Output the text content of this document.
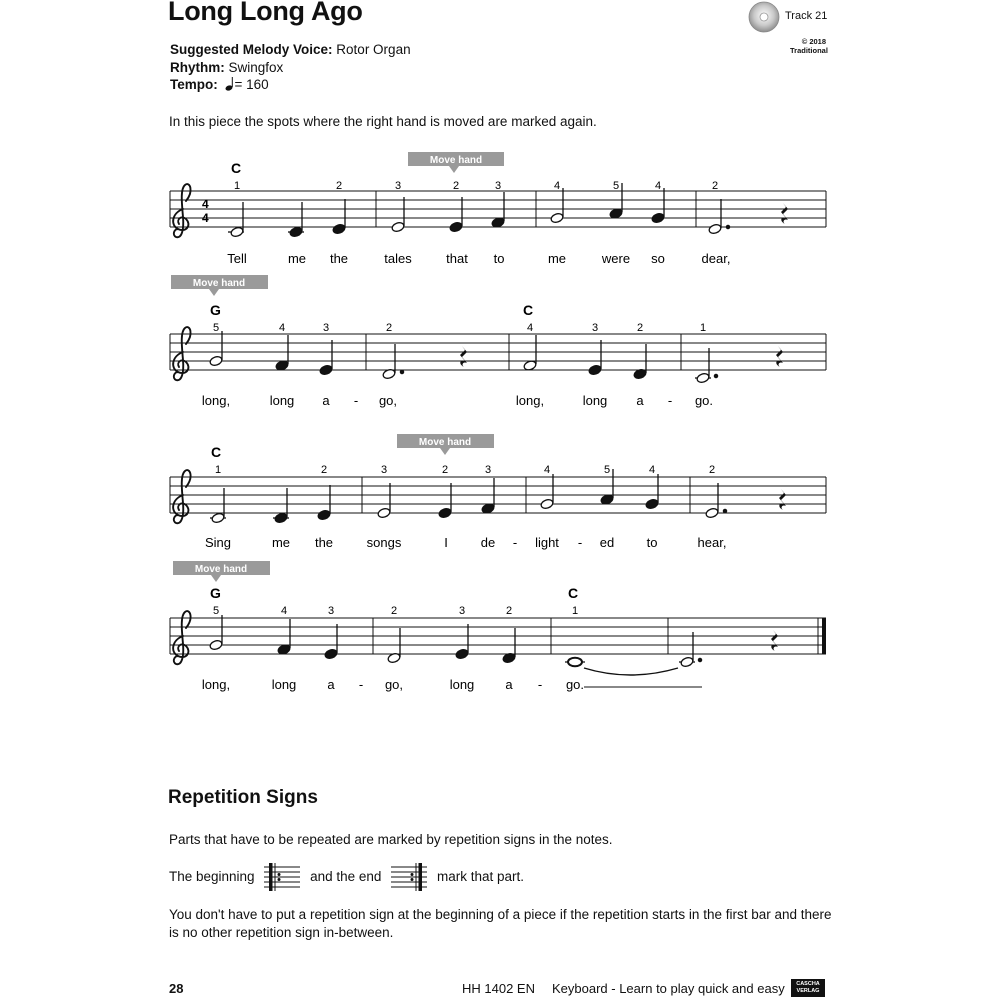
Long Long Ago
Suggested Melody Voice: Rotor Organ
Rhythm: Swingfox
Tempo: = 160
Track 21
© 2018
Traditional
In this piece the spots where the right hand is moved are marked again.
4
4
Move hand
C
1	2	3	2	3	4	5	4	2
Tell	me the	tales	that to	me	were so	dear,
Move hand
G	C
5	4	3	2	4	3	2	1
long,	long a - go,	long,	long a - go.
Move hand
C
1	2	3	2	3	4	5	4	2
Sing	me the	songs	I	de - light - ed to	hear,
Move hand
G	C
5	4	3	2	3	2	1
long,	long a - go,	long a - go.
Repetition Signs
Parts that have to be repeated are marked by repetition signs in the notes.
The beginning	and the end	mark that part.
You don't have to put a repetition sign at the beginning of a piece if the repetition starts in the first bar and there is no other repetition sign in-between.
28	HH 1402 EN Keyboard - Learn to play quick and easy	CASCHA
VERLAG
